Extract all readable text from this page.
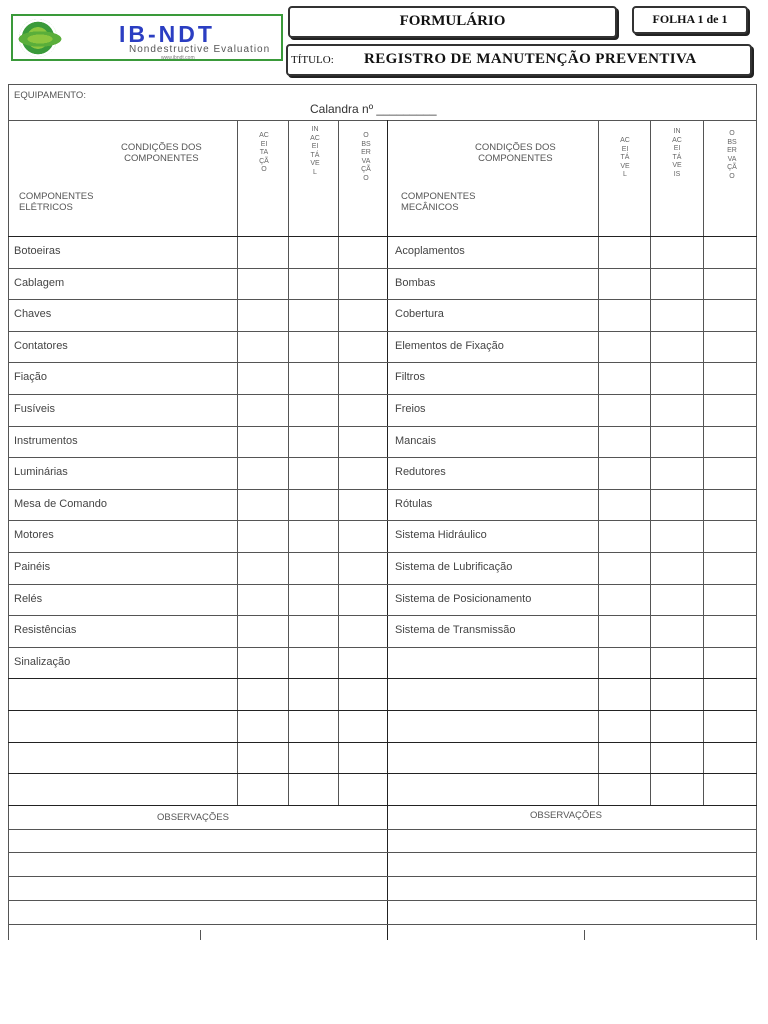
IB-NDT
Nondestructive Evaluation
www.ibndt.com
FORMULÁRIO	FOLHA 1 de 1
TÍTULO: REGISTRO DE MANUTENÇÃO PREVENTIVA
EQUIPAMENTO:
Calandra nº _________
CONDIÇÕES DOS
COMPONENTES
COMPONENTES
ELÉTRICOS
CONDIÇÕES DOS
COMPONENTES
COMPONENTES
MECÂNICOS
ACEITAÇÃO
INACEITÁVEL
OBSERVAÇÃO
ACEITÁVEL
INACEITÁVEIS
OBSERVAÇÃO
Botoeiras
Cablagem
Chaves
Contatores
Fiação
Fusíveis
Instrumentos
Luminárias
Mesa de Comando
Motores
Painéis
Relés
Resistências
Sinalização
Acoplamentos
Bombas
Cobertura
Elementos de Fixação
Filtros
Freios
Mancais
Redutores
Rótulas
Sistema Hidráulico
Sistema de Lubrificação
Sistema de Posicionamento
Sistema de Transmissão
OBSERVAÇÕES	OBSERVAÇÕES
